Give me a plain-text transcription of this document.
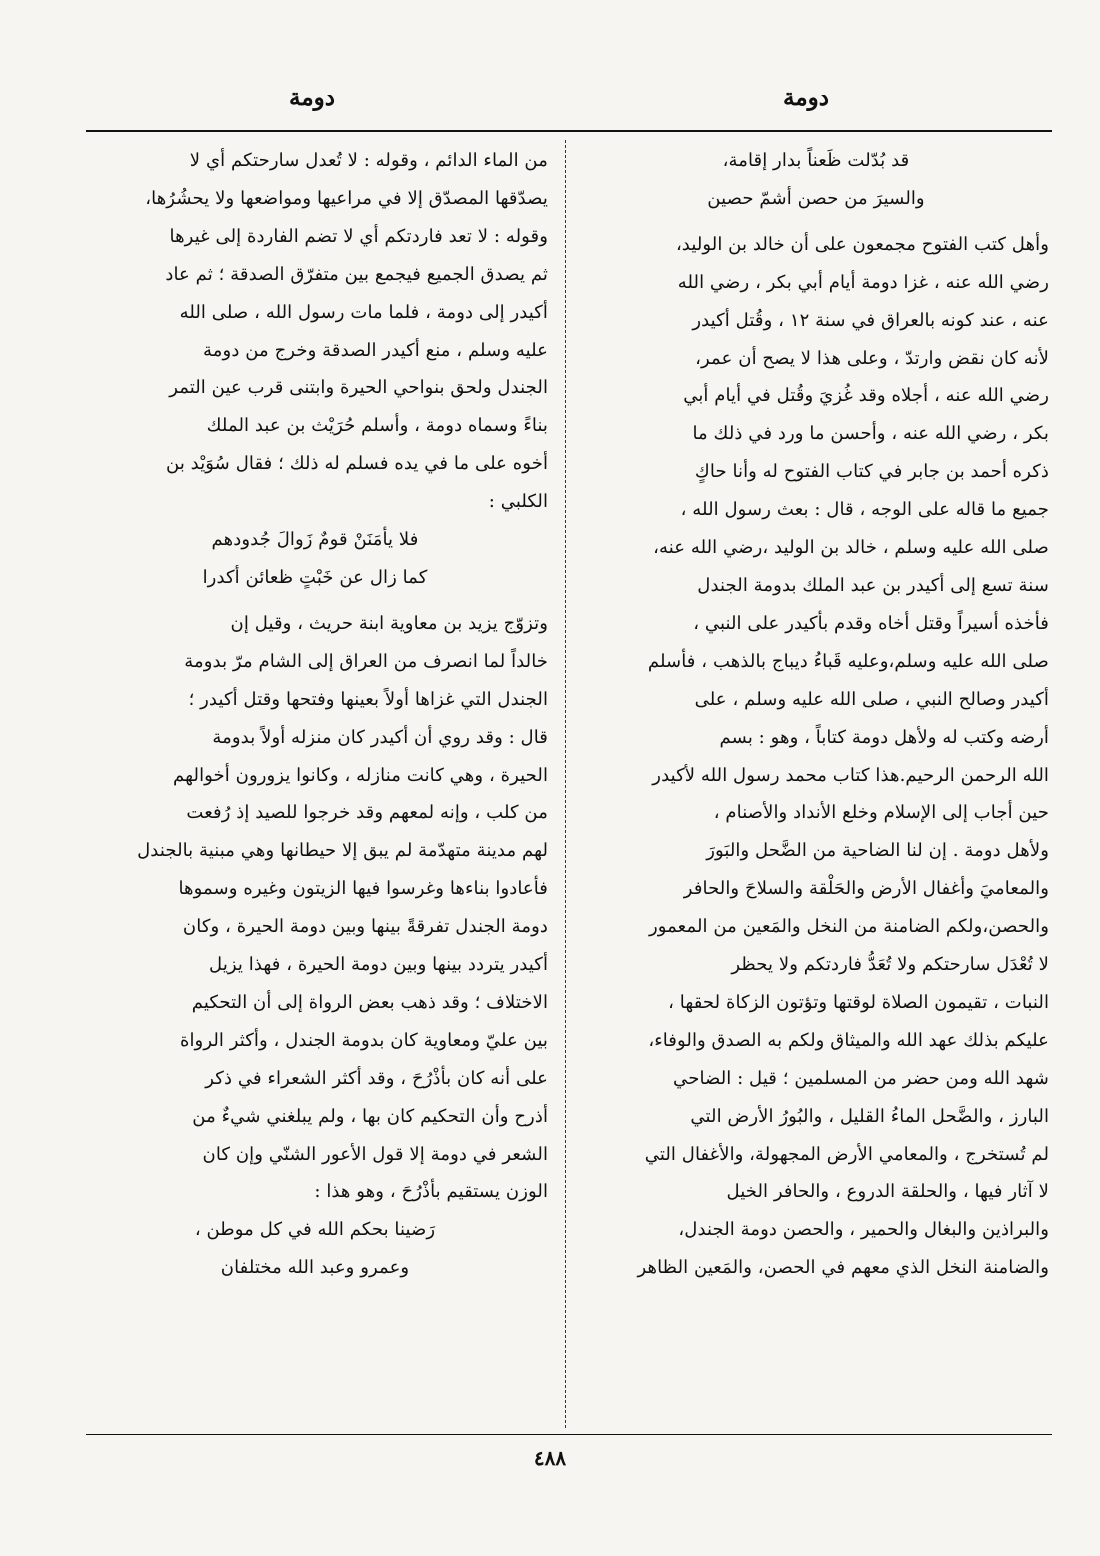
دومة
دومة

قد بُدّلت ظَعناً بدار إقامة،

والسيرَ من حصن أشمّ حصين

وأهل كتب الفتوح مجمعون على أن خالد بن الوليد،
رضي الله عنه ، غزا دومة أيام أبي بكر ، رضي الله
عنه ، عند كونه بالعراق في سنة ١٢ ، وقُتل أكيدر
لأنه كان نقض وارتدّ ، وعلى هذا لا يصح أن عمر،
رضي الله عنه ، أجلاه وقد غُزيَ وقُتل في أيام أبي
بكر ، رضي الله عنه ، وأحسن ما ورد في ذلك ما
ذكره أحمد بن جابر في كتاب الفتوح له وأنا حاكٍ
جميع ما قاله على الوجه ، قال : بعث رسول الله ،
صلى الله عليه وسلم ، خالد بن الوليد ،رضي الله عنه،
سنة تسع إلى أكيدر بن عبد الملك بدومة الجندل
فأخذه أسيراً وقتل أخاه وقدم بأكيدر على النبي ،
صلى الله عليه وسلم،وعليه قَباءُ ديباج بالذهب ، فأسلم
أكيدر وصالح النبي ، صلى الله عليه وسلم ، على
أرضه وكتب له ولأهل دومة كتاباً ، وهو : بسم
الله الرحمن الرحيم.هذا كتاب محمد رسول الله لأكيدر
حين أجاب إلى الإسلام وخلع الأنداد والأصنام ،
ولأهل دومة . إن لنا الضاحية من الضَّحل والبَورَ
والمعاميَ وأغفال الأرض والحَلْقة والسلاحَ والحافر
والحصن،ولكم الضامنة من النخل والمَعين من المعمور
لا تُعْدَل سارحتكم ولا تُعَدُّ فاردتكم ولا يحظر
النبات ، تقيمون الصلاة لوقتها وتؤتون الزكاة لحقها ،
عليكم بذلك عهد الله والميثاق ولكم به الصدق والوفاء،
شهد الله ومن حضر من المسلمين ؛ قيل : الضاحي
البارز ، والضَّحل الماءُ القليل ، والبُورُ الأرض التي
لم تُستخرج ، والمعامي الأرض المجهولة، والأغفال التي
لا آثار فيها ، والحلقة الدروع ، والحافر الخيل
والبراذين والبغال والحمير ، والحصن دومة الجندل،
والضامنة النخل الذي معهم في الحصن، والمَعين الظاهر
من الماء الدائم ، وقوله : لا تُعدل سارحتكم أي لا
يصدّقها المصدّق إلا في مراعيها ومواضعها ولا يحشُرُها،
وقوله : لا تعد فاردتكم أي لا تضم الفاردة إلى غيرها
ثم يصدق الجميع فيجمع بين متفرّق الصدقة ؛ ثم عاد
أكيدر إلى دومة ، فلما مات رسول الله ، صلى الله
عليه وسلم ، منع أكيدر الصدقة وخرج من دومة
الجندل ولحق بنواحي الحيرة وابتنى قرب عين التمر
بناءً وسماه دومة ، وأسلم حُرَيْث بن عبد الملك
أخوه على ما في يده فسلم له ذلك ؛ فقال سُوَيْد بن
الكلبي :

فلا يأمَنَنْ قومٌ زَوالَ جُدودهم

كما زال عن خَبْتٍ ظعائن أكدرا

وتزوّج يزيد بن معاوية ابنة حريث ، وقيل إن
خالداً لما انصرف من العراق إلى الشام مرّ بدومة
الجندل التي غزاها أولاً بعينها وفتحها وقتل أكيدر ؛
قال : وقد روي أن أكيدر كان منزله أولاً بدومة
الحيرة ، وهي كانت منازله ، وكانوا يزورون أخوالهم
من كلب ، وإنه لمعهم وقد خرجوا للصيد إذ رُفعت
لهم مدينة متهدّمة لم يبق إلا حيطانها وهي مبنية بالجندل
فأعادوا بناءها وغرسوا فيها الزيتون وغيره وسموها
دومة الجندل تفرقةً بينها وبين دومة الحيرة ، وكان
أكيدر يتردد بينها وبين دومة الحيرة ، فهذا يزيل
الاختلاف ؛ وقد ذهب بعض الرواة إلى أن التحكيم
بين عليّ ومعاوية كان بدومة الجندل ، وأكثر الرواة
على أنه كان بأذْرُحَ ، وقد أكثر الشعراء في ذكر
أذرح وأن التحكيم كان بها ، ولم يبلغني شيءٌ من
الشعر في دومة إلا قول الأعور الشنّي وإن كان
الوزن يستقيم بأذْرُحَ ، وهو هذا :

رَضينا بحكم الله في كل موطن ،

وعمرو وعبد الله مختلفان

٤٨٨
